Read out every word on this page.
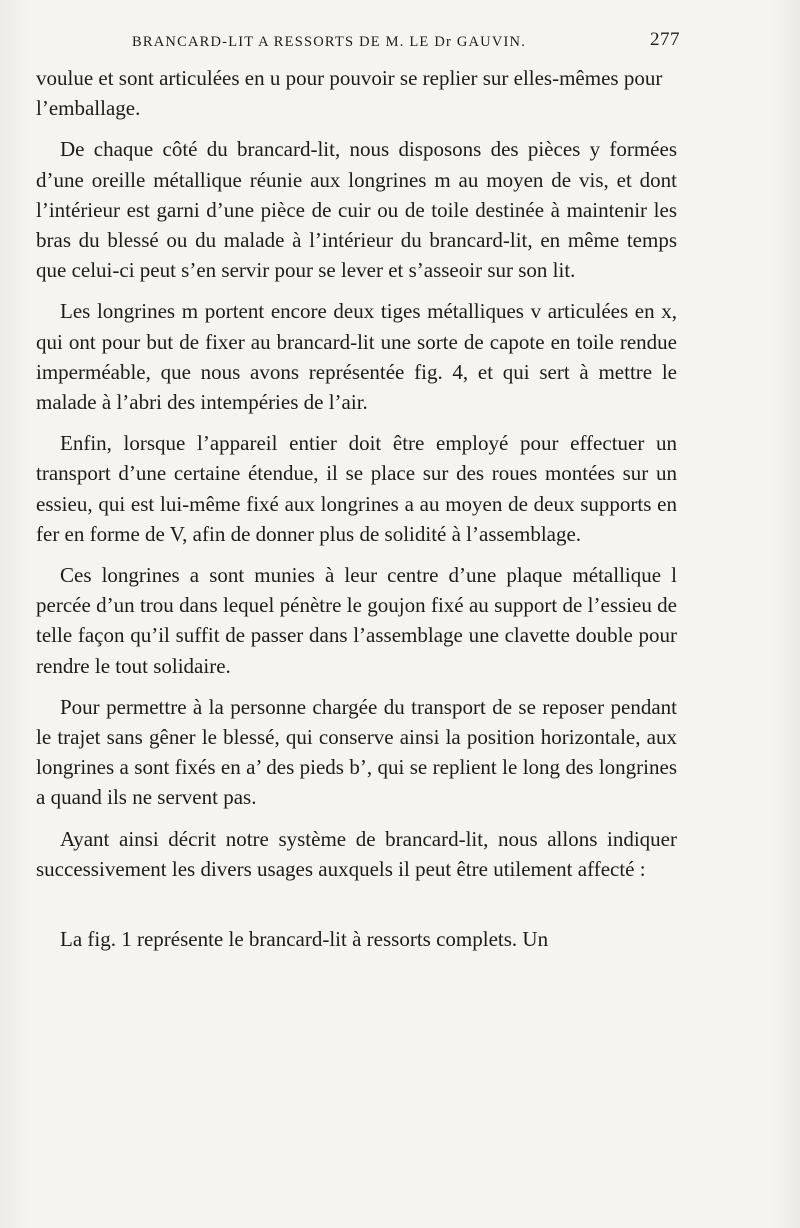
BRANCARD-LIT A RESSORTS DE M. LE Dr GAUVIN.	277

voulue et sont articulées en u pour pouvoir se replier sur elles-mêmes pour l’emballage.

De chaque côté du brancard-lit, nous disposons des pièces y formées d’une oreille métallique réunie aux longrines m au moyen de vis, et dont l’intérieur est garni d’une pièce de cuir ou de toile destinée à maintenir les bras du blessé ou du malade à l’intérieur du brancard-lit, en même temps que celui-ci peut s’en servir pour se lever et s’asseoir sur son lit.

Les longrines m portent encore deux tiges métalliques v articulées en x, qui ont pour but de fixer au brancard-lit une sorte de capote en toile rendue imperméable, que nous avons représentée fig. 4, et qui sert à mettre le malade à l’abri des intempéries de l’air.

Enfin, lorsque l’appareil entier doit être employé pour effectuer un transport d’une certaine étendue, il se place sur des roues montées sur un essieu, qui est lui-même fixé aux longrines a au moyen de deux supports en fer en forme de V, afin de donner plus de solidité à l’assemblage.

Ces longrines a sont munies à leur centre d’une plaque métallique l percée d’un trou dans lequel pénètre le goujon fixé au support de l’essieu de telle façon qu’il suffit de passer dans l’assemblage une clavette double pour rendre le tout solidaire.

Pour permettre à la personne chargée du transport de se reposer pendant le trajet sans gêner le blessé, qui conserve ainsi la position horizontale, aux longrines a sont fixés en a’ des pieds b’, qui se replient le long des longrines a quand ils ne servent pas.

Ayant ainsi décrit notre système de brancard-lit, nous allons indiquer successivement les divers usages auxquels il peut être utilement affecté :

La fig. 1 représente le brancard-lit à ressorts complets. Un
